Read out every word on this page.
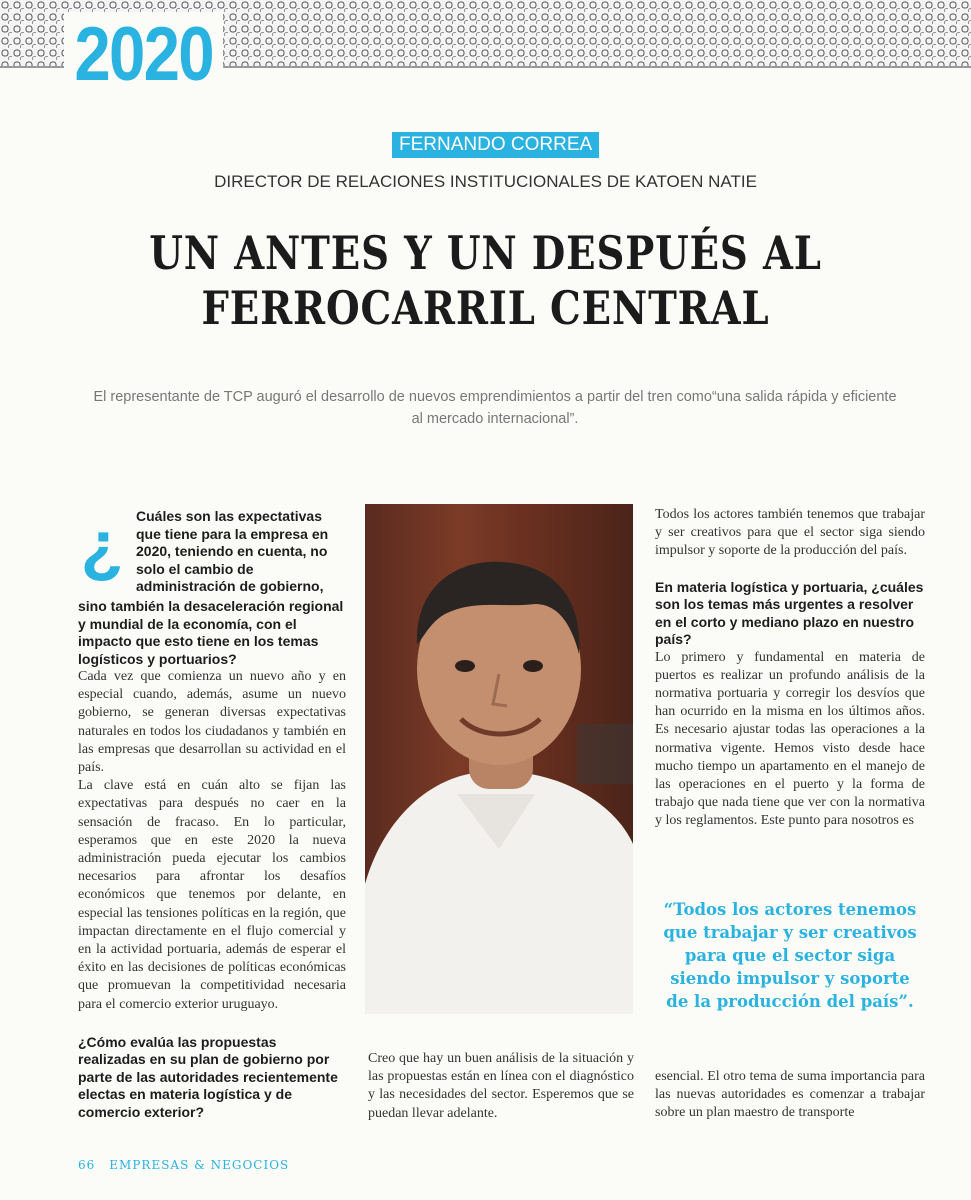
2020
FERNANDO CORREA
DIRECTOR DE RELACIONES INSTITUCIONALES DE KATOEN NATIE
UN ANTES Y UN DESPUÉS AL
FERROCARRIL CENTRAL
El representante de TCP auguró el desarrollo de nuevos emprendimientos a partir del tren como“una salida rápida y eficiente al mercado internacional”.
¿ Cuáles son las expectativas que tiene para la empresa en 2020, teniendo en cuenta, no solo el cambio de administración de gobierno,

sino también la desaceleración regional y mundial de la economía, con el impacto que esto tiene en los temas logísticos y portuarios?

Cada vez que comienza un nuevo año y en especial cuando, además, asume un nuevo gobierno, se generan diversas expectativas naturales en todos los ciudadanos y también en las empresas que desarrollan su actividad en el país.

La clave está en cuán alto se fijan las expectativas para después no caer en la sensación de fracaso. En lo particular, esperamos que en este 2020 la nueva administración pueda ejecutar los cambios necesarios para afrontar los desafíos económicos que tenemos por delante, en especial las tensiones políticas en la región, que impactan directamente en el flujo comercial y en la actividad portuaria, además de esperar el éxito en las decisiones de políticas económicas que promuevan la competitividad necesaria para el comercio exterior uruguayo.

¿Cómo evalúa las propuestas realizadas en su plan de gobierno por parte de las autoridades recientemente electas en materia logística y de comercio exterior?

Creo que hay un buen análisis de la situación y las propuestas están en línea con el diagnóstico y las necesidades del sector. Esperemos que se puedan llevar adelante.

Todos los actores también tenemos que trabajar y ser creativos para que el sector siga siendo impulsor y soporte de la producción del país.

En materia logística y portuaria, ¿cuáles son los temas más urgentes a resolver en el corto y mediano plazo en nuestro país?

Lo primero y fundamental en materia de puertos es realizar un profundo análisis de la normativa portuaria y corregir los desvíos que han ocurrido en la misma en los últimos años. Es necesario ajustar todas las operaciones a la normativa vigente. Hemos visto desde hace mucho tiempo un apartamento en el manejo de las operaciones en el puerto y la forma de trabajo que nada tiene que ver con la normativa y los reglamentos. Este punto para nosotros es

“Todos los actores tenemos que trabajar y ser creativos para que el sector siga siendo impulsor y soporte de la producción del país”.

esencial. El otro tema de suma importancia para las nuevas autoridades es comenzar a trabajar sobre un plan maestro de transporte

66 EMPRESAS & NEGOCIOS
